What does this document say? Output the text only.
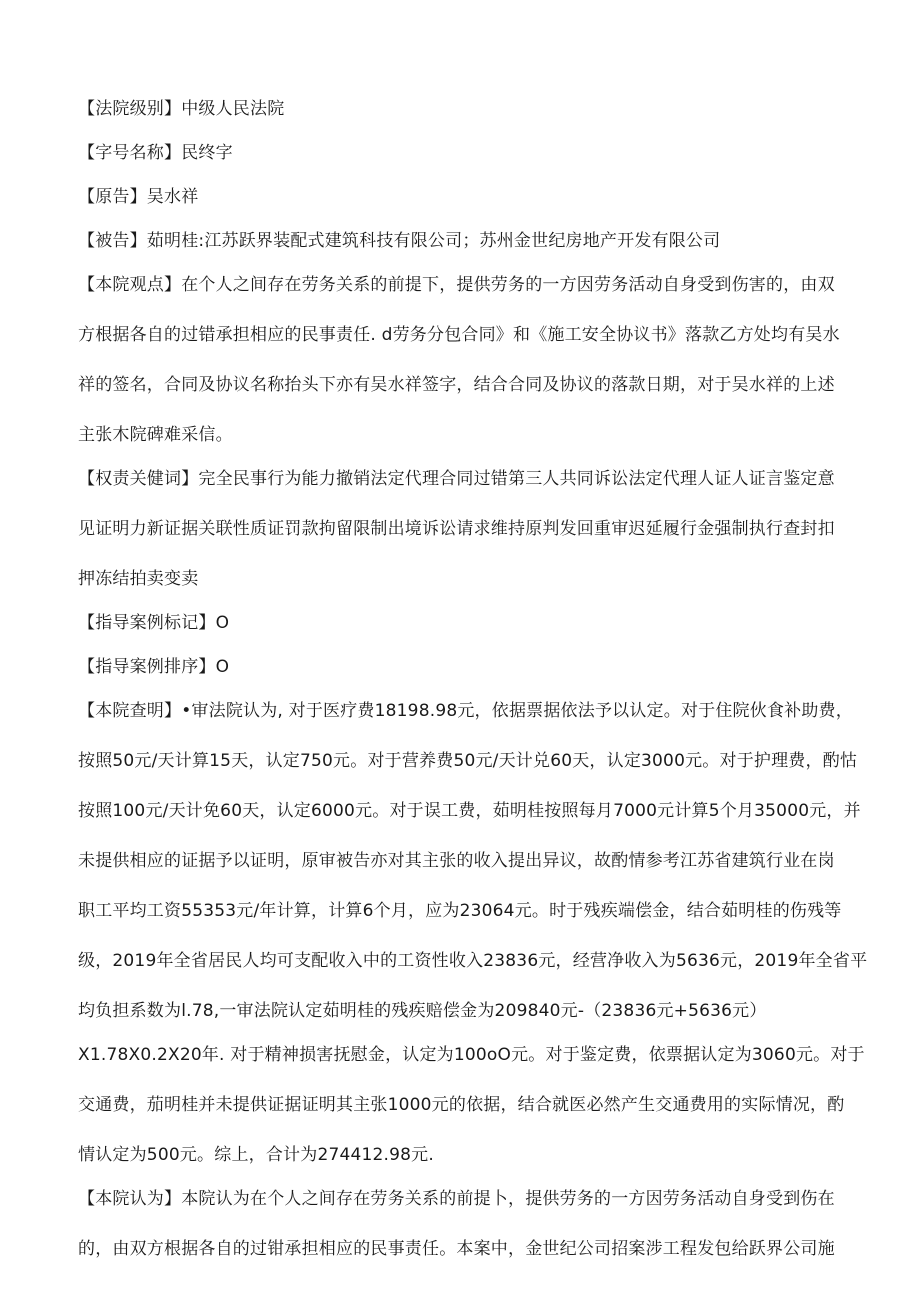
【法院级别】中级人民法院

【字号名称】民终字

【原告】吴水祥

【被告】茹明桂:江苏跃界装配式建筑科技有限公司；苏州金世纪房地产开发有限公司

【本院观点】在个人之间存在劳务关系的前提下，提供劳务的一方因劳务活动自身受到伤害的，由双

方根据各自的过错承担相应的民事责任. d劳务分包合同》和《施工安全协议书》落款乙方处均有吴水

祥的签名，合同及协议名称抬头下亦有吴水祥签字，结合合同及协议的落款日期，对于吴水祥的上述

主张木院碑难采信。

【权责关健词】完全民事行为能力撤销法定代理合同过错第三人共同诉讼法定代理人证人证言鉴定意

见证明力新证据关联性质证罚款拘留限制出境诉讼请求维持原判发回重审迟延履行金强制执行查封扣

押冻结拍卖变卖

【指导案例标记】O

【指导案例排序】O

【本院查明】•审法院认为, 对于医疗费18198.98元，依据票据依法予以认定。对于住院伙食补助费，

按照50元/天计算15天，认定750元。对于营养费50元/天计兑60天，认定3000元。对于护理费，酌怙

按照100元/天计免60天，认定6000元。对于误工费，茹明桂按照每月7000元计算5个月35000元，并

未提供相应的证据予以证明，原审被告亦对其主张的收入提出异议，故酌情参考江苏省建筑行业在岗

职工平均工资55353元/年计算，计算6个月，应为23064元。时于残疾端偿金，结合茹明桂的伤残等

级，2019年全省居民人均可支配收入中的工资性收入23836元，经营净收入为5636元，2019年全省平

均负担系数为l.78,一审法院认定茹明桂的残疾赔偿金为209840元-（23836元+5636元）

X1.78X0.2X20年. 对于精神损害抚慰金，认定为100oO元。对于鉴定费，依票据认定为3060元。对于

交通费，茄明桂并未提供证据证明其主张1000元的依据，结合就医必然产生交通费用的实际情况，酌

情认定为500元。综上，合计为274412.98元.

【本院认为】本院认为在个人之间存在劳务关系的前提卜，提供劳务的一方因劳务活动自身受到伤在

的，由双方根据各自的过钳承担相应的民事责任。本案中，金世纪公司招案涉工程发包给跃界公司施
